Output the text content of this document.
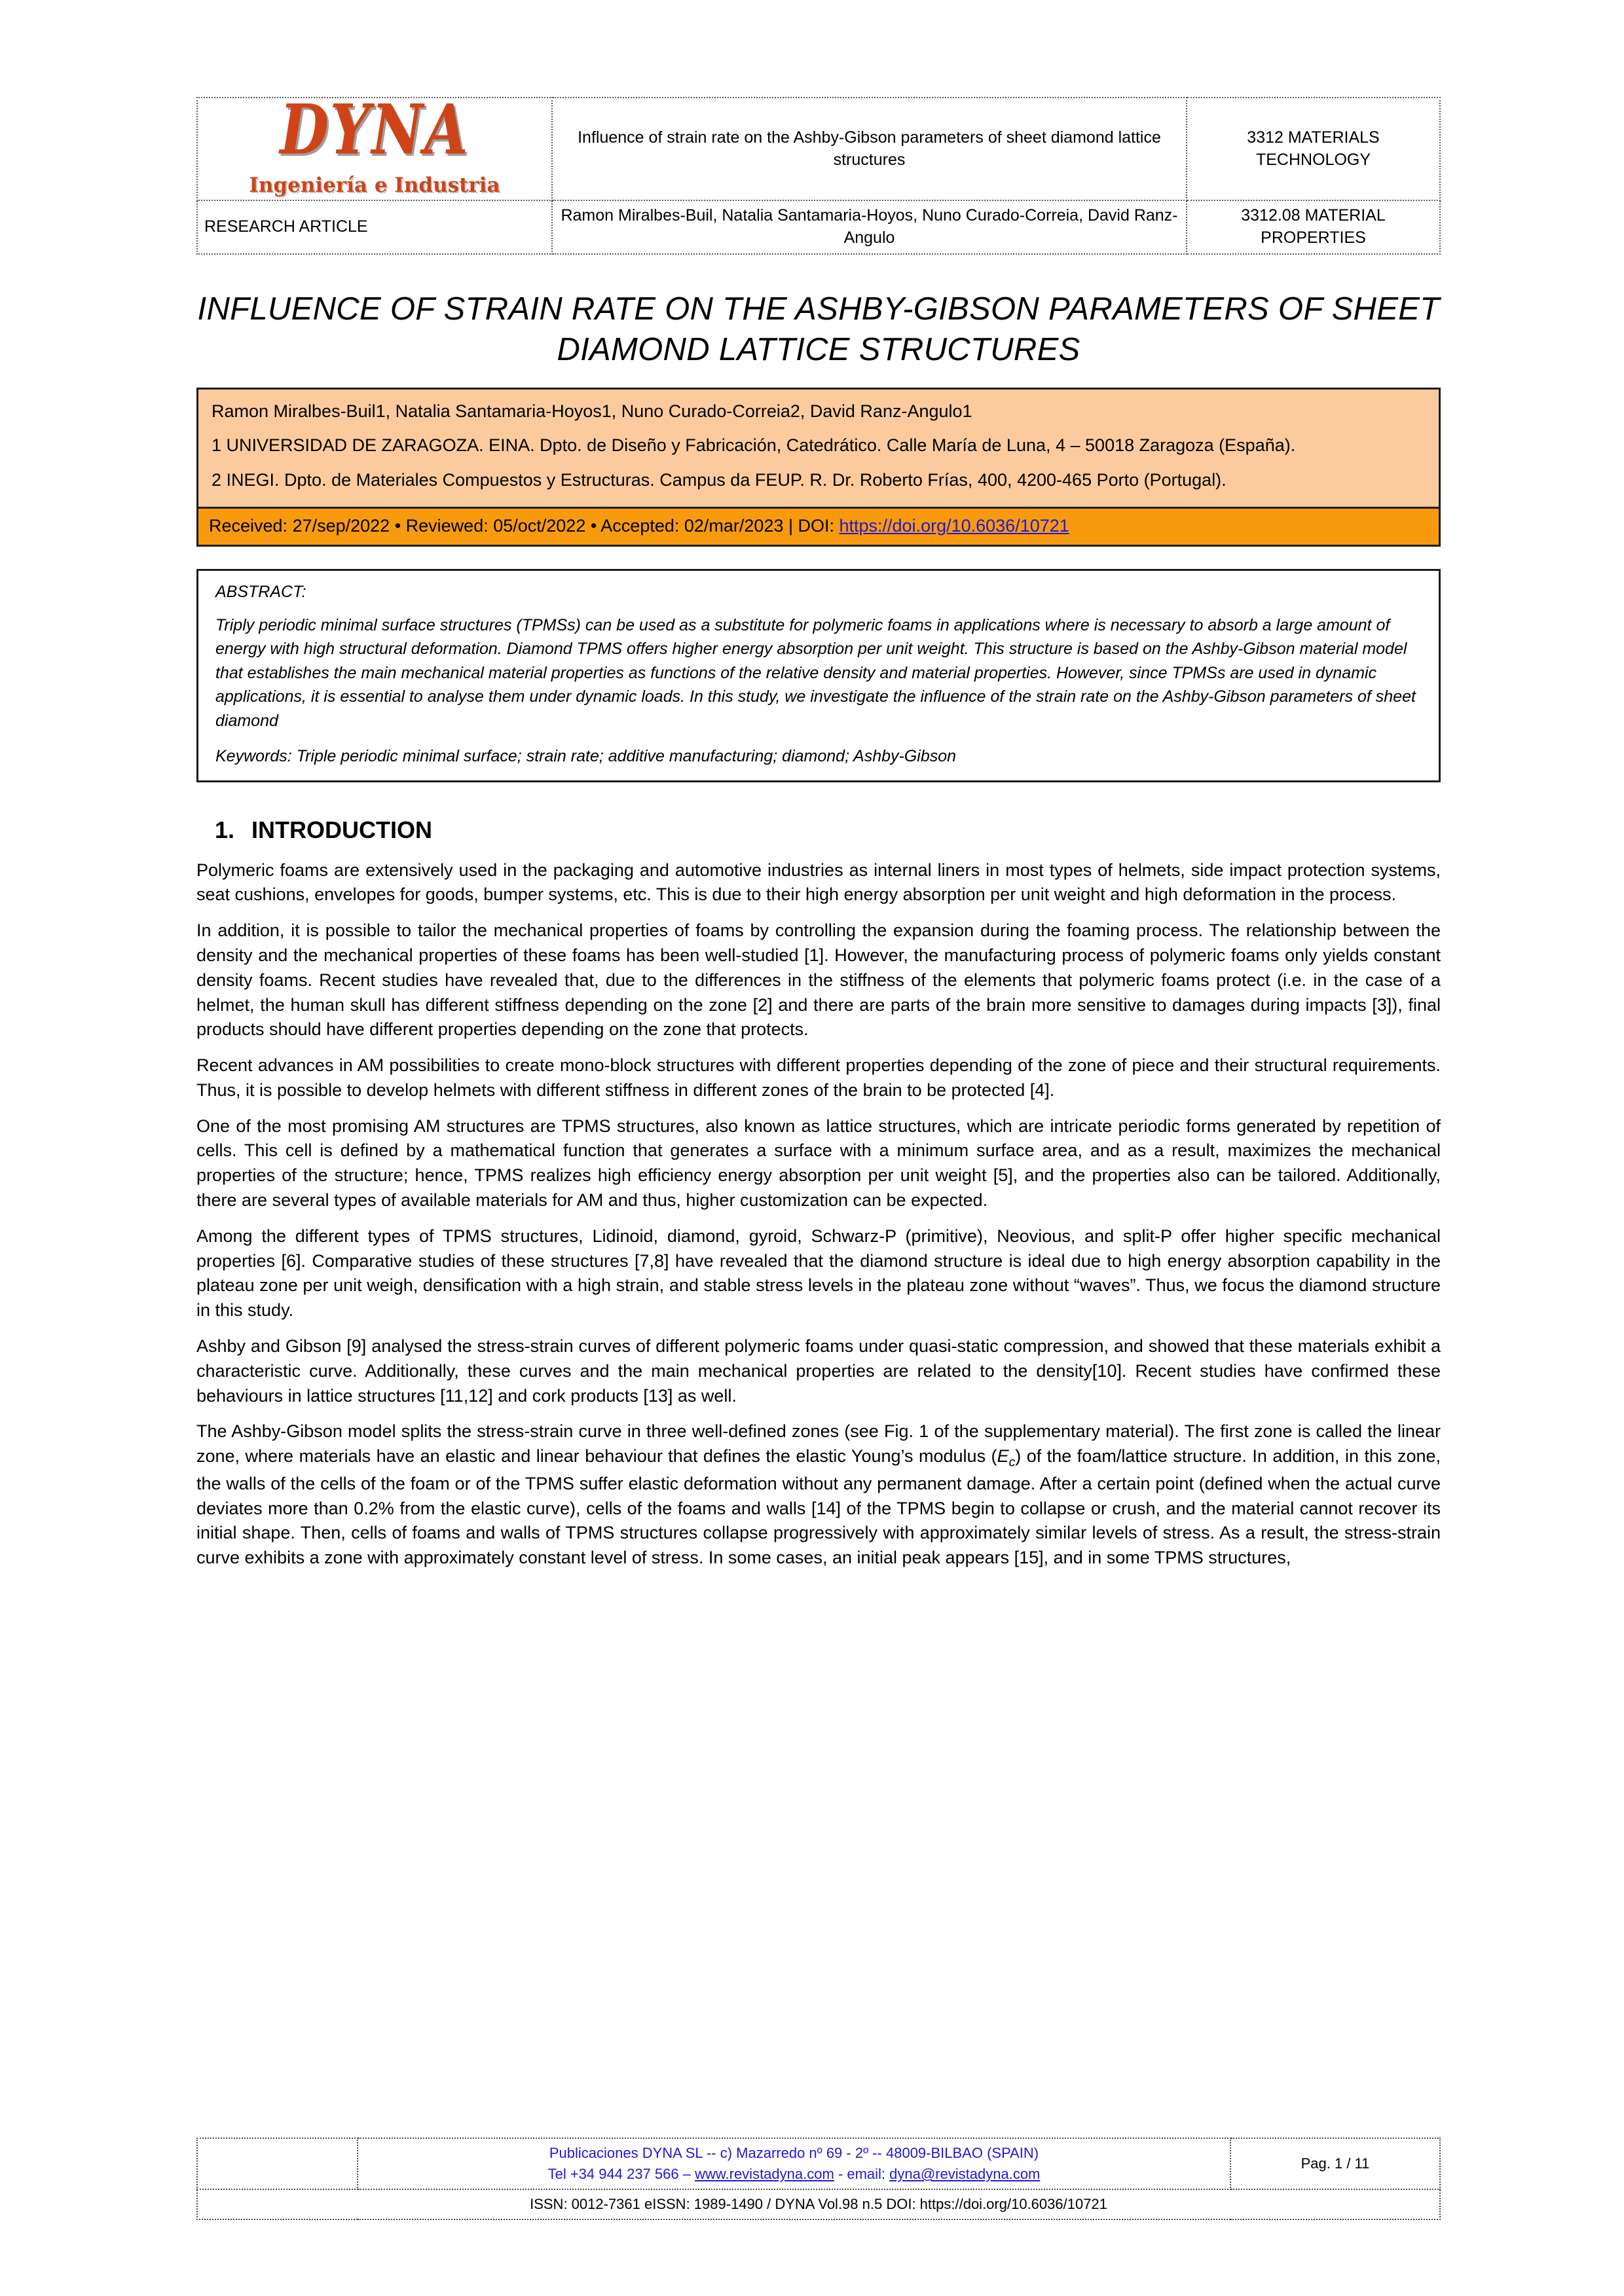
DYNA
Ingeniería e Industria	Influence of strain rate on the Ashby-Gibson parameters of sheet diamond lattice structures	3312 MATERIALS TECHNOLOGY
RESEARCH ARTICLE	Ramon Miralbes-Buil, Natalia Santamaria-Hoyos, Nuno Curado-Correia, David Ranz-Angulo	3312.08 MATERIAL PROPERTIES
INFLUENCE OF STRAIN RATE ON THE ASHBY-GIBSON PARAMETERS OF SHEET DIAMOND LATTICE STRUCTURES

Ramon Miralbes-Buil1, Natalia Santamaria-Hoyos1, Nuno Curado-Correia2, David Ranz-Angulo1

1 UNIVERSIDAD DE ZARAGOZA. EINA. Dpto. de Diseño y Fabricación, Catedrático. Calle María de Luna, 4 – 50018 Zaragoza (España).

2 INEGI. Dpto. de Materiales Compuestos y Estructuras. Campus da FEUP. R. Dr. Roberto Frías, 400, 4200-465 Porto (Portugal).

Received: 27/sep/2022 • Reviewed: 05/oct/2022 • Accepted: 02/mar/2023 | DOI: https://doi.org/10.6036/10721

ABSTRACT:

Triply periodic minimal surface structures (TPMSs) can be used as a substitute for polymeric foams in applications where is necessary to absorb a large amount of energy with high structural deformation. Diamond TPMS offers higher energy absorption per unit weight. This structure is based on the Ashby-Gibson material model that establishes the main mechanical material properties as functions of the relative density and material properties. However, since TPMSs are used in dynamic applications, it is essential to analyse them under dynamic loads. In this study, we investigate the influence of the strain rate on the Ashby-Gibson parameters of sheet diamond

Keywords: Triple periodic minimal surface; strain rate; additive manufacturing; diamond; Ashby-Gibson

1. INTRODUCTION

Polymeric foams are extensively used in the packaging and automotive industries as internal liners in most types of helmets, side impact protection systems, seat cushions, envelopes for goods, bumper systems, etc. This is due to their high energy absorption per unit weight and high deformation in the process.

In addition, it is possible to tailor the mechanical properties of foams by controlling the expansion during the foaming process. The relationship between the density and the mechanical properties of these foams has been well-studied [1]. However, the manufacturing process of polymeric foams only yields constant density foams. Recent studies have revealed that, due to the differences in the stiffness of the elements that polymeric foams protect (i.e. in the case of a helmet, the human skull has different stiffness depending on the zone [2] and there are parts of the brain more sensitive to damages during impacts [3]), final products should have different properties depending on the zone that protects.

Recent advances in AM possibilities to create mono-block structures with different properties depending of the zone of piece and their structural requirements. Thus, it is possible to develop helmets with different stiffness in different zones of the brain to be protected [4].

One of the most promising AM structures are TPMS structures, also known as lattice structures, which are intricate periodic forms generated by repetition of cells. This cell is defined by a mathematical function that generates a surface with a minimum surface area, and as a result, maximizes the mechanical properties of the structure; hence, TPMS realizes high efficiency energy absorption per unit weight [5], and the properties also can be tailored. Additionally, there are several types of available materials for AM and thus, higher customization can be expected.

Among the different types of TPMS structures, Lidinoid, diamond, gyroid, Schwarz-P (primitive), Neovious, and split-P offer higher specific mechanical properties [6]. Comparative studies of these structures [7,8] have revealed that the diamond structure is ideal due to high energy absorption capability in the plateau zone per unit weigh, densification with a high strain, and stable stress levels in the plateau zone without “waves”. Thus, we focus the diamond structure in this study.

Ashby and Gibson [9] analysed the stress-strain curves of different polymeric foams under quasi-static compression, and showed that these materials exhibit a characteristic curve. Additionally, these curves and the main mechanical properties are related to the density[10]. Recent studies have confirmed these behaviours in lattice structures [11,12] and cork products [13] as well.

The Ashby-Gibson model splits the stress-strain curve in three well-defined zones (see Fig. 1 of the supplementary material). The first zone is called the linear zone, where materials have an elastic and linear behaviour that defines the elastic Young’s modulus $(E_c)$ of the foam/lattice structure. In addition, in this zone, the walls of the cells of the foam or of the TPMS suffer elastic deformation without any permanent damage. After a certain point (defined when the actual curve deviates more than 0.2% from the elastic curve), cells of the foams and walls [14] of the TPMS begin to collapse or crush, and the material cannot recover its initial shape. Then, cells of foams and walls of TPMS structures collapse progressively with approximately similar levels of stress. As a result, the stress-strain curve exhibits a zone with approximately constant level of stress. In some cases, an initial peak appears [15], and in some TPMS structures,

Publicaciones DYNA SL -- c) Mazarredo nº 69 - 2º -- 48009-BILBAO (SPAIN)
Tel +34 944 237 566 – www.revistadyna.com - email: dyna@revistadyna.com
	Pag. 1 / 11
ISSN: 0012-7361 eISSN: 1989-1490 / DYNA Vol.98 n.5 DOI: https://doi.org/10.6036/10721
